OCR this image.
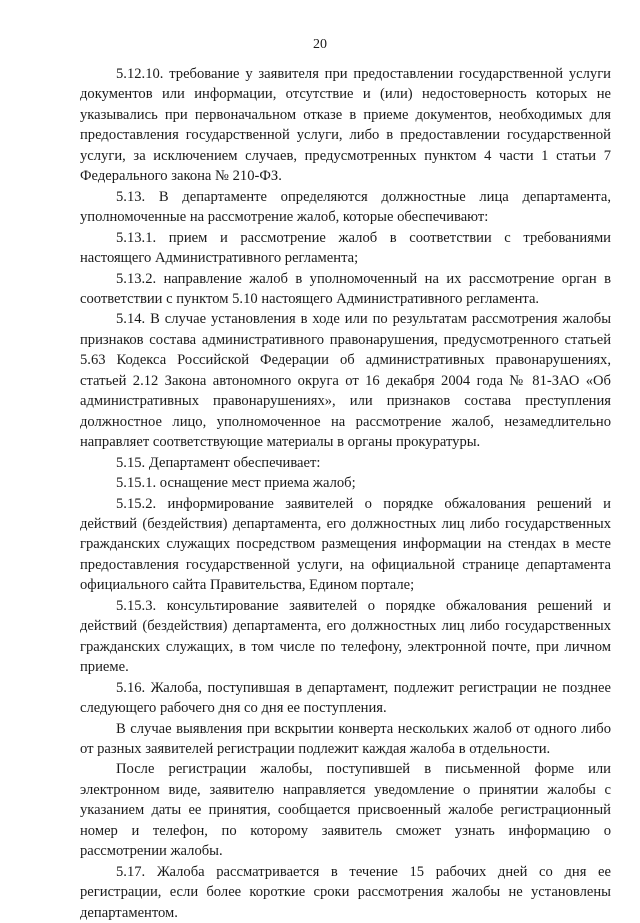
20

5.12.10. требование у заявителя при предоставлении государственной услуги документов или информации, отсутствие и (или) недостоверность которых не указывались при первоначальном отказе в приеме документов, необходимых для предоставления государственной услуги, либо в предоставлении государственной услуги, за исключением случаев, предусмотренных пунктом 4 части 1 статьи 7 Федерального закона № 210-ФЗ.

5.13. В департаменте определяются должностные лица департамента, уполномоченные на рассмотрение жалоб, которые обеспечивают:

5.13.1. прием и рассмотрение жалоб в соответствии с требованиями настоящего Административного регламента;

5.13.2. направление жалоб в уполномоченный на их рассмотрение орган в соответствии с пунктом 5.10 настоящего Административного регламента.

5.14. В случае установления в ходе или по результатам рассмотрения жалобы признаков состава административного правонарушения, предусмотренного статьей 5.63 Кодекса Российской Федерации об административных правонарушениях, статьей 2.12 Закона автономного округа от 16 декабря 2004 года № 81-ЗАО «Об административных правонарушениях», или признаков состава преступления должностное лицо, уполномоченное на рассмотрение жалоб, незамедлительно направляет соответствующие материалы в органы прокуратуры.

5.15. Департамент обеспечивает:

5.15.1. оснащение мест приема жалоб;

5.15.2. информирование заявителей о порядке обжалования решений и действий (бездействия) департамента, его должностных лиц либо государственных гражданских служащих посредством размещения информации на стендах в месте предоставления государственной услуги, на официальной странице департамента официального сайта Правительства, Едином портале;

5.15.3. консультирование заявителей о порядке обжалования решений и действий (бездействия) департамента, его должностных лиц либо государственных гражданских служащих, в том числе по телефону, электронной почте, при личном приеме.

5.16. Жалоба, поступившая в департамент, подлежит регистрации не позднее следующего рабочего дня со дня ее поступления.

В случае выявления при вскрытии конверта нескольких жалоб от одного либо от разных заявителей регистрации подлежит каждая жалоба в отдельности.

После регистрации жалобы, поступившей в письменной форме или электронном виде, заявителю направляется уведомление о принятии жалобы с указанием даты ее принятия, сообщается присвоенный жалобе регистрационный номер и телефон, по которому заявитель сможет узнать информацию о рассмотрении жалобы.

5.17. Жалоба рассматривается в течение 15 рабочих дней со дня ее регистрации, если более короткие сроки рассмотрения жалобы не установлены департаментом.
